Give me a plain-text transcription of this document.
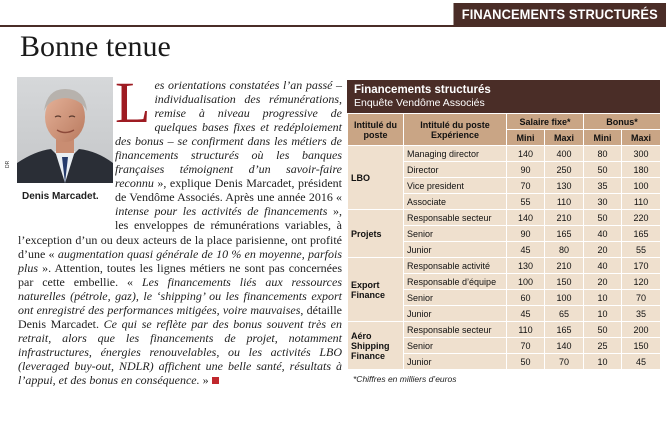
FINANCEMENTS STRUCTURÉS
Bonne tenue
DR
Denis Marcadet.
L es orientations constatées l’an passé – individualisation des rémunérations, remise à niveau progressive de quelques bases fixes et redéploiement des bonus – se confirment dans les métiers de financements structurés où les banques françaises témoignent d’un savoir-faire reconnu », explique Denis Marcadet, président de Vendôme Associés. Après une année 2016 « intense pour les activités de financements », les enveloppes de rémunérations variables, à l’exception d’un ou deux acteurs de la place parisienne, ont profité d’une « augmentation quasi générale de 10 % en moyenne, parfois plus ». Attention, toutes les lignes métiers ne sont pas concernées par cette embellie. « Les financements liés aux ressources naturelles (pétrole, gaz), le ‘shipping’ ou les financements export ont enregistré des performances mitigées, voire mauvaises, détaille Denis Marcadet. Ce qui se reflète par des bonus souvent très en retrait, alors que les financements de projet, notamment infrastructures, énergies renouvelables, ou les activités LBO (leveraged buy-out, NDLR) affichent une belle santé, résultats à l’appui, et des bonus en conséquence. »

Financements structurés
Enquête Vendôme Associés
Intitulé du poste	Intitulé du poste Expérience	Salaire fixe*		Bonus*	
		Mini	Maxi	Mini	Maxi
LBO	Managing director	140	400	80	300
	Director	90	250	50	180
	Vice president	70	130	35	100
	Associate	55	110	30	110
Projets	Responsable secteur	140	210	50	220
	Senior	90	165	40	165
	Junior	45	80	20	55
Export Finance	Responsable activité	130	210	40	170
	Responsable d’équipe	100	150	20	120
	Senior	60	100	10	70
	Junior	45	65	10	35
Aéro Shipping Finance	Responsable secteur	110	165	50	200
	Senior	70	140	25	150
	Junior	50	70	10	45
*Chiffres en milliers d’euros
